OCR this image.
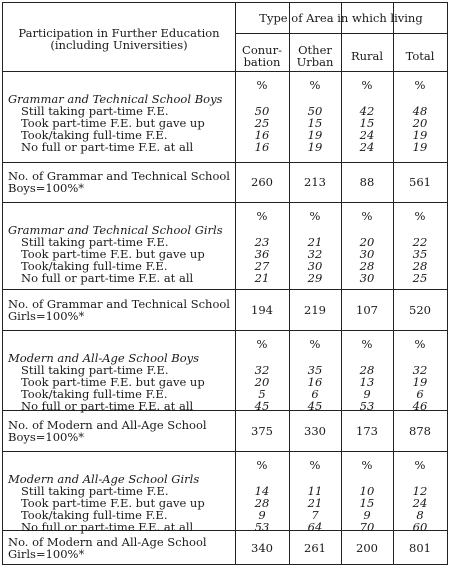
Participation in Further Education
(including Universities)
Type of Area in which living
Conur-
bation
Other
Urban	Rural	Total
%	%	%	%
Grammar and Technical School Boys
Still taking part-time F.E.	50	50	42	48
Took part-time F.E. but gave up	25	15	15	20
Took/taking full-time F.E.	16	19	24	19
No full or part-time F.E. at all	16	19	24	19
No. of Grammar and Technical School
Boys=100%*	260	213	88	561
%	%	%	%
Grammar and Technical School Girls
Still taking part-time F.E.	23	21	20	22
Took part-time F.E. but gave up	36	32	30	35
Took/taking full-time F.E.	27	30	28	28
No full or part-time F.E. at all	21	29	30	25
No. of Grammar and Technical School
Girls=100%*	194	219	107	520
%	%	%	%
Modern and All-Age School Boys
Still taking part-time F.E.	32	35	28	32
Took part-time F.E. but gave up	20	16	13	19
Took/taking full-time F.E.	5	6	9	6
No full or part-time F.E. at all	45	45	53	46
No. of Modern and All-Age School
Boys=100%*	375	330	173	878
%	%	%	%
Modern and All-Age School Girls
Still taking part-time F.E.	14	11	10	12
Took part-time F.E. but gave up	28	21	15	24
Took/taking full-time F.E.	9	7	9	8
No full or part-time F.E. at all	53	64	70	60
No. of Modern and All-Age School
Girls=100%*	340	261	200	801
